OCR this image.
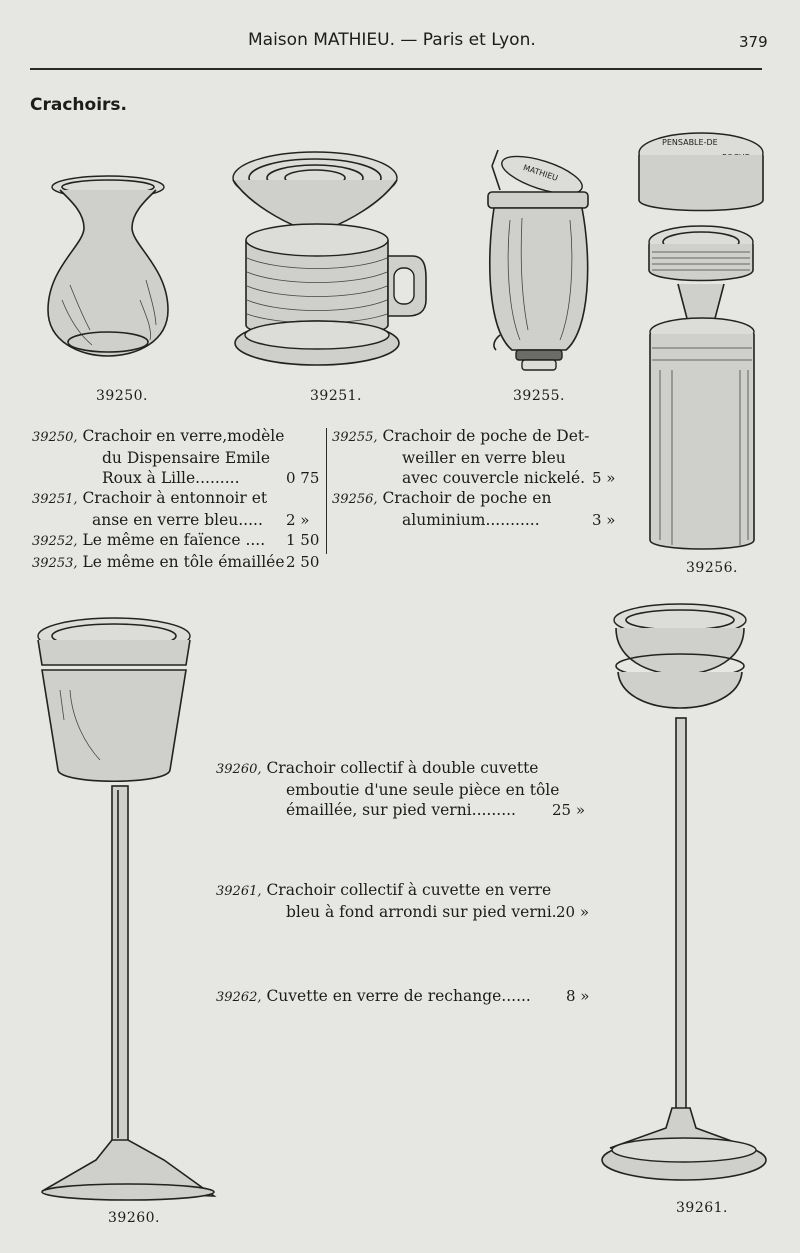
Maison MATHIEU. — Paris et Lyon.	379
Crachoirs.
MATHIEU
PENSABLE-DE
39250.	39251.	39255.
39256.
39260.
39261.
39250, Crachoir en verre,modèle
du Dispensaire Emile
Roux à Lille.........	0 75
39251, Crachoir à entonnoir et
anse en verre bleu..... 2 »
39252, Le même en faïence .... 1 50
39253, Le même en tôle émaillée 2 50
39255, Crachoir de poche de Det-
weiller en verre bleu
avec couvercle nickelé. 5 »
39256, Crachoir de poche en
aluminium...........	3 »
39260, Crachoir collectif à double cuvette
emboutie d'une seule pièce en tôle
émaillée, sur pied verni......... 25 »
39261, Crachoir collectif à cuvette en verre
bleu à fond arrondi sur pied verni. 20 »
39262, Cuvette en verre de rechange...... 8 »
